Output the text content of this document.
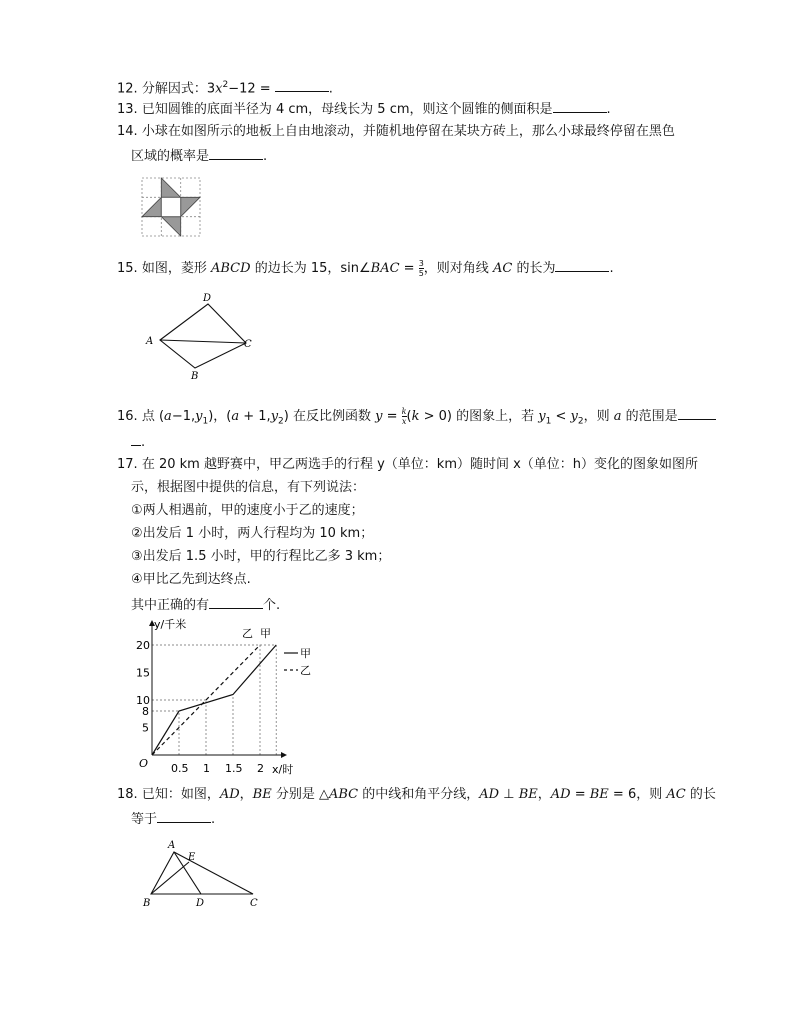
12. 分解因式：$3x^2-12$ =	.
13. 已知圆锥的底面半径为 4 cm，母线长为 5 cm，则这个圆锥的侧面积是	.
14. 小球在如图所示的地板上自由地滚动，并随机地停留在某块方砖上，那么小球最终停留在黑色
区域的概率是	.
15. 如图，菱形 ABCD 的边长为 15，sin∠BAC = $\frac{3}{5}$ ，则对角线 AC 的长为	.
A
D
C
B
16. 点 $(a-1,y_1)$，$(a + 1,y_2)$ 在反比例函数 $y = \frac{k}{x} (k > 0)$ 的图象上，若 $y_1 < y_2$，则 a 的范围是
.
17. 在 20 km 越野赛中，甲乙两选手的行程 y（单位：km）随时间 x（单位：h）变化的图象如图所
示，根据图中提供的信息，有下列说法：
①两人相遇前，甲的速度小于乙的速度；
②出发后 1 小时，两人行程均为 10 km；
③出发后 1.5 小时，甲的行程比乙多 3 km；
④甲比乙先到达终点.
其中正确的有	个.
y/千米
x/时
O 0.5 1 1.5 2
5
8
10
15
20
乙 甲
甲
乙
18. 已知：如图，AD，BE 分别是 △ABC 的中线和角平分线，AD ⊥ BE，AD = BE = 6，则 AC 的长
等于	.
A
E
B	D	C
